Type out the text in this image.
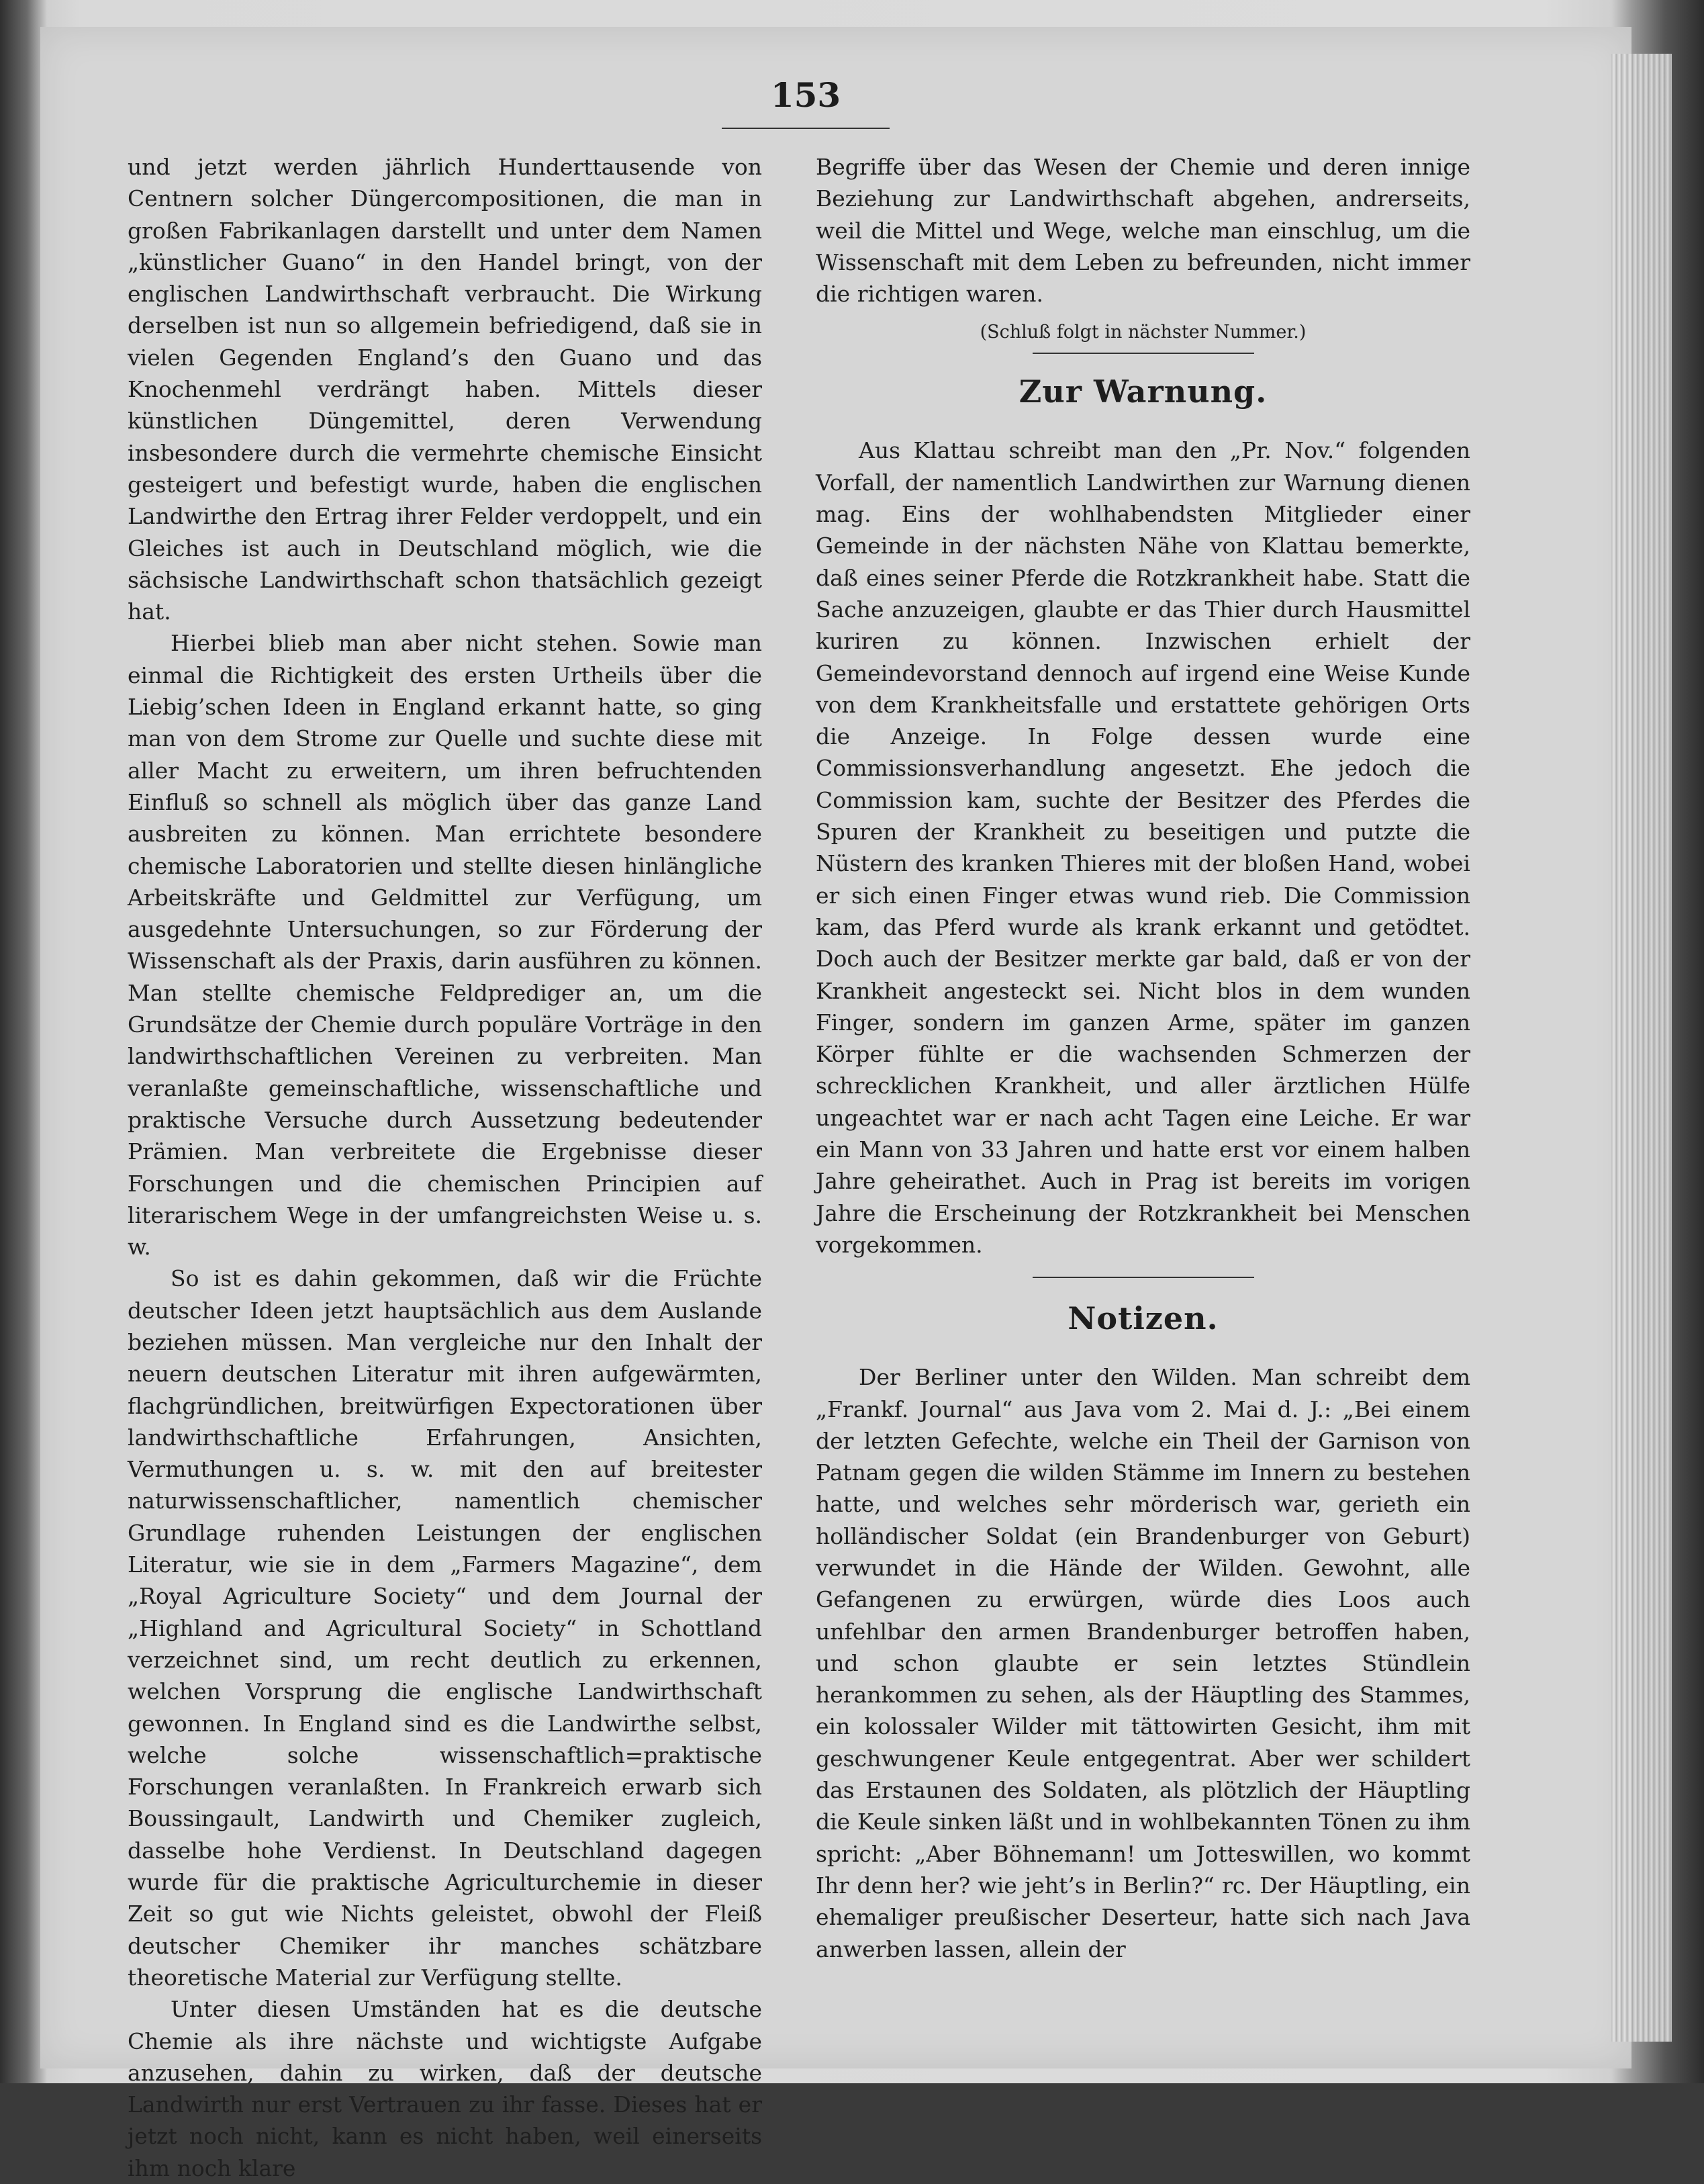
153

und jetzt werden jährlich Hunderttausende von Centnern solcher Düngercompositionen, die man in großen Fabrikanlagen darstellt und unter dem Namen „künstlicher Guano“ in den Handel bringt, von der englischen Landwirthschaft verbraucht. Die Wirkung derselben ist nun so allgemein befriedigend, daß sie in vielen Gegenden England’s den Guano und das Knochenmehl verdrängt haben. Mittels dieser künstlichen Düngemittel, deren Verwendung insbesondere durch die vermehrte chemische Einsicht gesteigert und befestigt wurde, haben die englischen Landwirthe den Ertrag ihrer Felder verdoppelt, und ein Gleiches ist auch in Deutschland möglich, wie die sächsische Landwirthschaft schon thatsächlich gezeigt hat.

Hierbei blieb man aber nicht stehen. Sowie man einmal die Richtigkeit des ersten Urtheils über die Liebig’schen Ideen in England erkannt hatte, so ging man von dem Strome zur Quelle und suchte diese mit aller Macht zu erweitern, um ihren befruchtenden Einfluß so schnell als möglich über das ganze Land ausbreiten zu können. Man errichtete besondere chemische Laboratorien und stellte diesen hinlängliche Arbeitskräfte und Geldmittel zur Verfügung, um ausgedehnte Untersuchungen, so zur Förderung der Wissenschaft als der Praxis, darin ausführen zu können. Man stellte chemische Feldprediger an, um die Grundsätze der Chemie durch populäre Vorträge in den landwirthschaftlichen Vereinen zu verbreiten. Man veranlaßte gemeinschaftliche, wissenschaftliche und praktische Versuche durch Aussetzung bedeutender Prämien. Man verbreitete die Ergebnisse dieser Forschungen und die chemischen Principien auf literarischem Wege in der umfangreichsten Weise u. s. w.

So ist es dahin gekommen, daß wir die Früchte deutscher Ideen jetzt hauptsächlich aus dem Auslande beziehen müssen. Man vergleiche nur den Inhalt der neuern deutschen Literatur mit ihren aufgewärmten, flachgründlichen, breitwürfigen Expectorationen über landwirthschaftliche Erfahrungen, Ansichten, Vermuthungen u. s. w. mit den auf breitester naturwissenschaftlicher, namentlich chemischer Grundlage ruhenden Leistungen der englischen Literatur, wie sie in dem „Farmers Magazine“, dem „Royal Agriculture Society“ und dem Journal der „Highland and Agricultural Society“ in Schottland verzeichnet sind, um recht deutlich zu erkennen, welchen Vorsprung die englische Landwirthschaft gewonnen. In England sind es die Landwirthe selbst, welche solche wissenschaftlich=praktische Forschungen veranlaßten. In Frankreich erwarb sich Boussingault, Landwirth und Chemiker zugleich, dasselbe hohe Verdienst. In Deutschland dagegen wurde für die praktische Agriculturchemie in dieser Zeit so gut wie Nichts geleistet, obwohl der Fleiß deutscher Chemiker ihr manches schätzbare theoretische Material zur Verfügung stellte.

Unter diesen Umständen hat es die deutsche Chemie als ihre nächste und wichtigste Aufgabe anzusehen, dahin zu wirken, daß der deutsche Landwirth nur erst Vertrauen zu ihr fasse. Dieses hat er jetzt noch nicht, kann es nicht haben, weil einerseits ihm noch klare

Begriffe über das Wesen der Chemie und deren innige Beziehung zur Landwirthschaft abgehen, andrerseits, weil die Mittel und Wege, welche man einschlug, um die Wissenschaft mit dem Leben zu befreunden, nicht immer die richtigen waren.

(Schluß folgt in nächster Nummer.)
Zur Warnung.

Aus Klattau schreibt man den „Pr. Nov.“ folgenden Vorfall, der namentlich Landwirthen zur Warnung dienen mag. Eins der wohlhabendsten Mitglieder einer Gemeinde in der nächsten Nähe von Klattau bemerkte, daß eines seiner Pferde die Rotzkrankheit habe. Statt die Sache anzuzeigen, glaubte er das Thier durch Hausmittel kuriren zu können. Inzwischen erhielt der Gemeindevorstand dennoch auf irgend eine Weise Kunde von dem Krankheitsfalle und erstattete gehörigen Orts die Anzeige. In Folge dessen wurde eine Commissionsverhandlung angesetzt. Ehe jedoch die Commission kam, suchte der Besitzer des Pferdes die Spuren der Krankheit zu beseitigen und putzte die Nüstern des kranken Thieres mit der bloßen Hand, wobei er sich einen Finger etwas wund rieb. Die Commission kam, das Pferd wurde als krank erkannt und getödtet. Doch auch der Besitzer merkte gar bald, daß er von der Krankheit angesteckt sei. Nicht blos in dem wunden Finger, sondern im ganzen Arme, später im ganzen Körper fühlte er die wachsenden Schmerzen der schrecklichen Krankheit, und aller ärztlichen Hülfe ungeachtet war er nach acht Tagen eine Leiche. Er war ein Mann von 33 Jahren und hatte erst vor einem halben Jahre geheirathet. Auch in Prag ist bereits im vorigen Jahre die Erscheinung der Rotzkrankheit bei Menschen vorgekommen.

Notizen.

Der Berliner unter den Wilden. Man schreibt dem „Frankf. Journal“ aus Java vom 2. Mai d. J.: „Bei einem der letzten Gefechte, welche ein Theil der Garnison von Patnam gegen die wilden Stämme im Innern zu bestehen hatte, und welches sehr mörderisch war, gerieth ein holländischer Soldat (ein Brandenburger von Geburt) verwundet in die Hände der Wilden. Gewohnt, alle Gefangenen zu erwürgen, würde dies Loos auch unfehlbar den armen Brandenburger betroffen haben, und schon glaubte er sein letztes Stündlein herankommen zu sehen, als der Häuptling des Stammes, ein kolossaler Wilder mit tättowirten Gesicht, ihm mit geschwungener Keule entgegentrat. Aber wer schildert das Erstaunen des Soldaten, als plötzlich der Häuptling die Keule sinken läßt und in wohlbekannten Tönen zu ihm spricht: „Aber Böhnemann! um Jotteswillen, wo kommt Ihr denn her? wie jeht’s in Berlin?“ rc. Der Häuptling, ein ehemaliger preußischer Deserteur, hatte sich nach Java anwerben lassen, allein der
